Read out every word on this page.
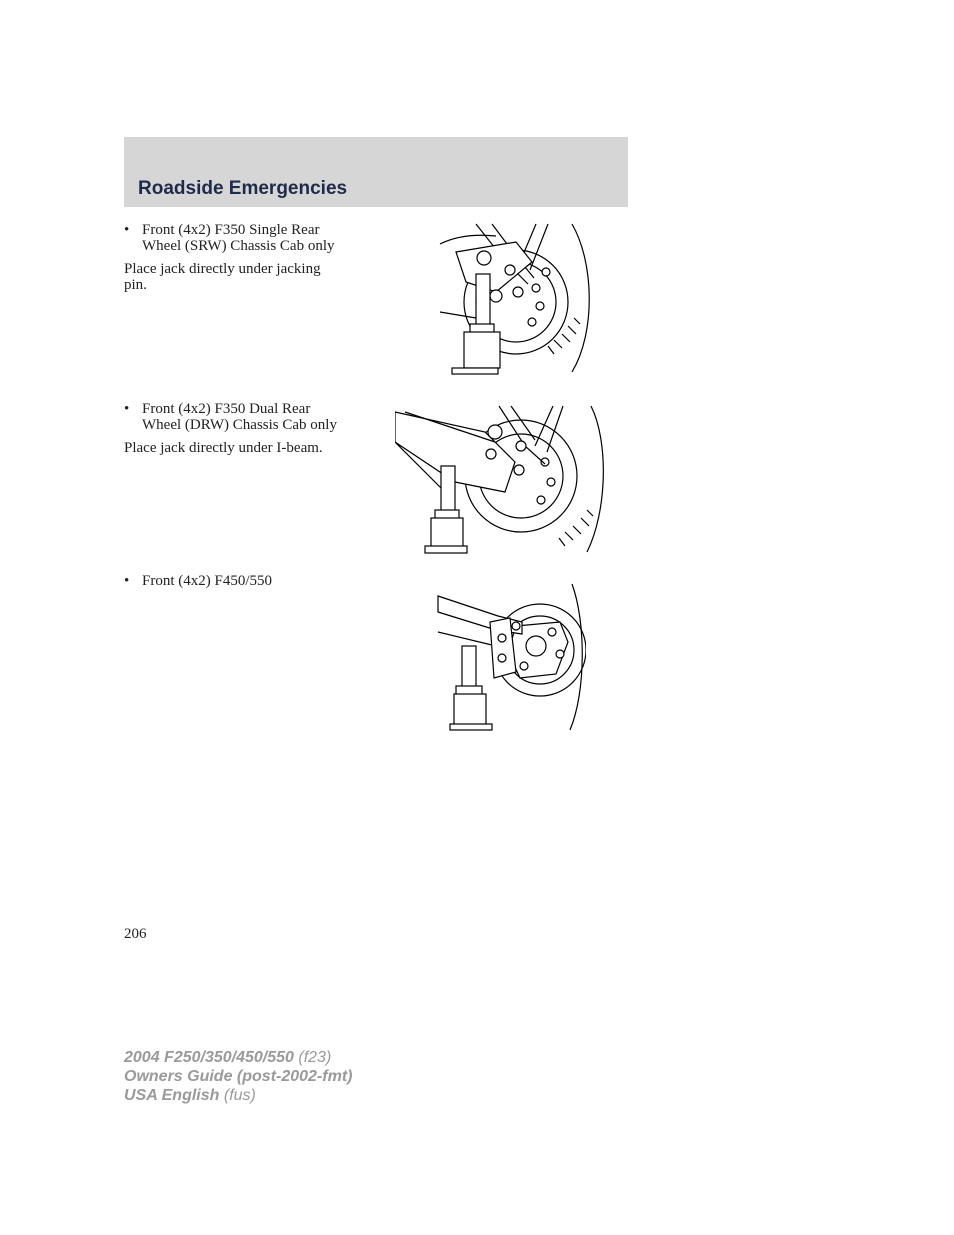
Roadside Emergencies
• Front (4x2) F350 Single Rear
Wheel (SRW) Chassis Cab only
Place jack directly under jacking
pin.
• Front (4x2) F350 Dual Rear
Wheel (DRW) Chassis Cab only
Place jack directly under I-beam.
• Front (4x2) F450/550
206
2004 F250/350/450/550 (f23)
Owners Guide (post-2002-fmt)
USA English (fus)
